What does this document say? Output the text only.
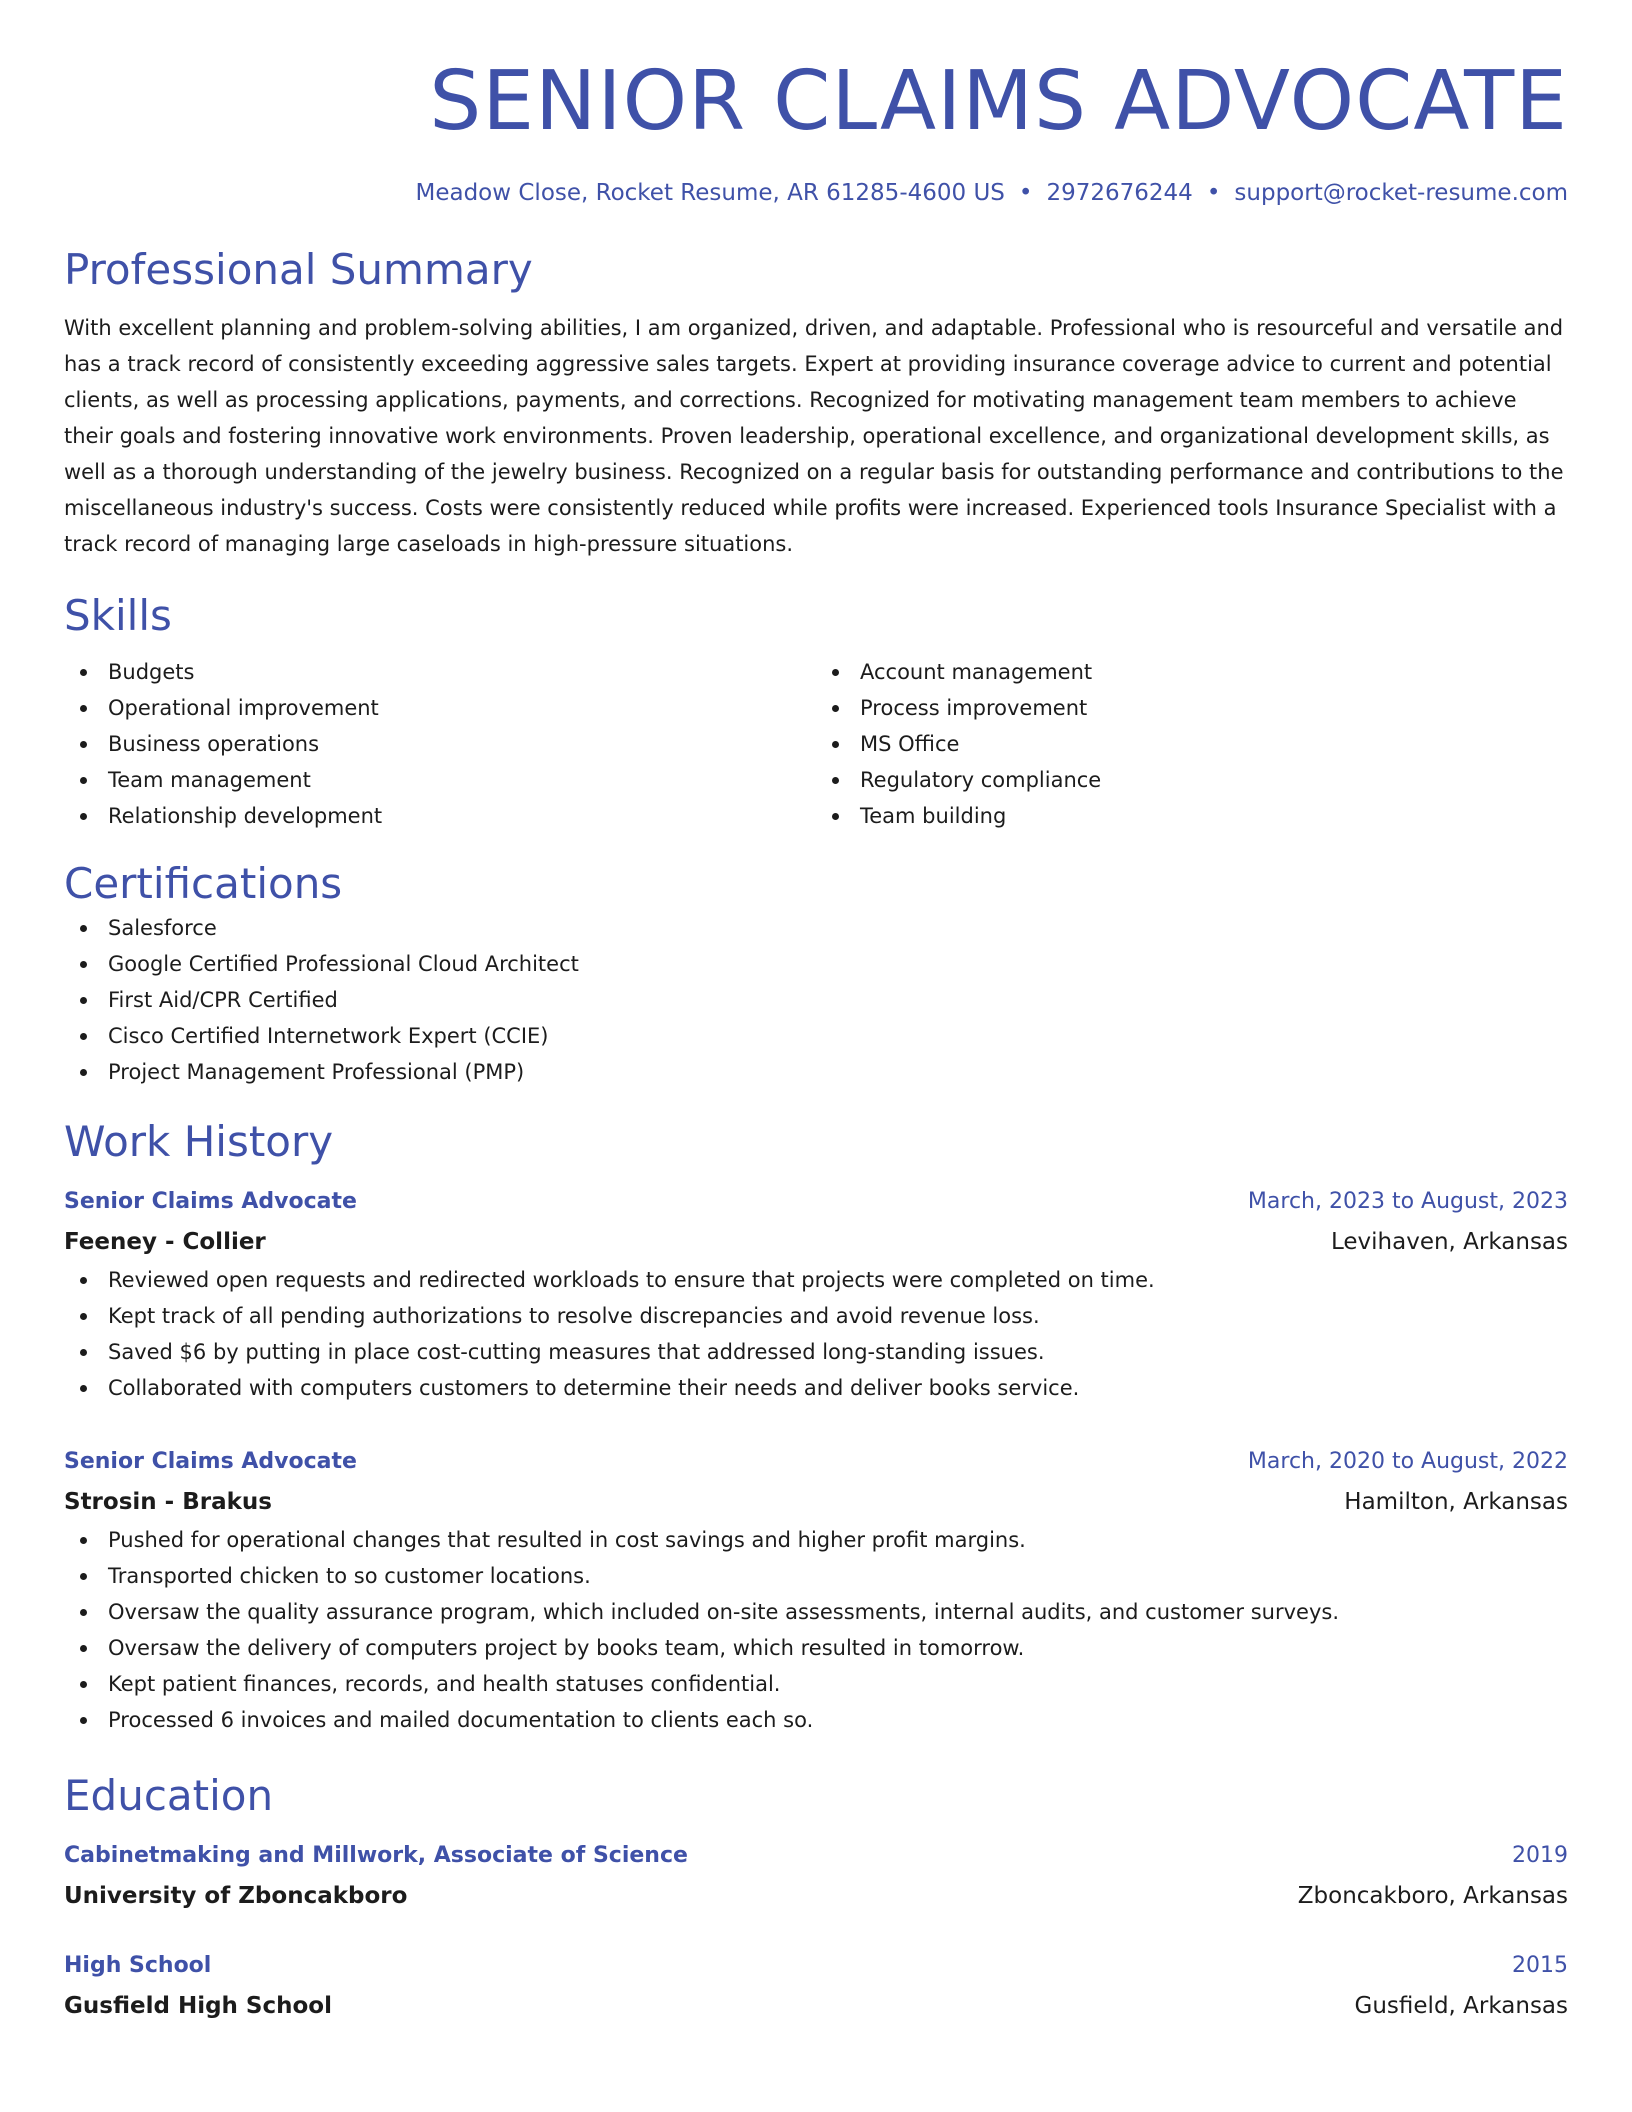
SENIOR CLAIMS ADVOCATE
Meadow Close, Rocket Resume, AR 61285-4600 US • 2972676244 • support@rocket-resume.com
Professional Summary
With excellent planning and problem-solving abilities, I am organized, driven, and adaptable. Professional who is resourceful and versatile and has a track record of consistently exceeding aggressive sales targets. Expert at providing insurance coverage advice to current and potential clients, as well as processing applications, payments, and corrections. Recognized for motivating management team members to achieve their goals and fostering innovative work environments. Proven leadership, operational excellence, and organizational development skills, as well as a thorough understanding of the jewelry business. Recognized on a regular basis for outstanding performance and contributions to the miscellaneous industry's success. Costs were consistently reduced while profits were increased. Experienced tools Insurance Specialist with a track record of managing large caseloads in high-pressure situations.
Skills
Budgets
Operational improvement
Business operations
Team management
Relationship development
Account management
Process improvement
MS Office
Regulatory compliance
Team building
Certifications
Salesforce
Google Certified Professional Cloud Architect
First Aid/CPR Certified
Cisco Certified Internetwork Expert (CCIE)
Project Management Professional (PMP)
Work History
Senior Claims Advocate	March, 2023 to August, 2023
Feeney - Collier	Levihaven, Arkansas
Reviewed open requests and redirected workloads to ensure that projects were completed on time.
Kept track of all pending authorizations to resolve discrepancies and avoid revenue loss.
Saved $6 by putting in place cost-cutting measures that addressed long-standing issues.
Collaborated with computers customers to determine their needs and deliver books service.
Senior Claims Advocate	March, 2020 to August, 2022
Strosin - Brakus	Hamilton, Arkansas
Pushed for operational changes that resulted in cost savings and higher profit margins.
Transported chicken to so customer locations.
Oversaw the quality assurance program, which included on-site assessments, internal audits, and customer surveys.
Oversaw the delivery of computers project by books team, which resulted in tomorrow.
Kept patient finances, records, and health statuses confidential.
Processed 6 invoices and mailed documentation to clients each so.
Education
Cabinetmaking and Millwork, Associate of Science	2019
University of Zboncakboro	Zboncakboro, Arkansas
High School	2015
Gusfield High School	Gusfield, Arkansas
